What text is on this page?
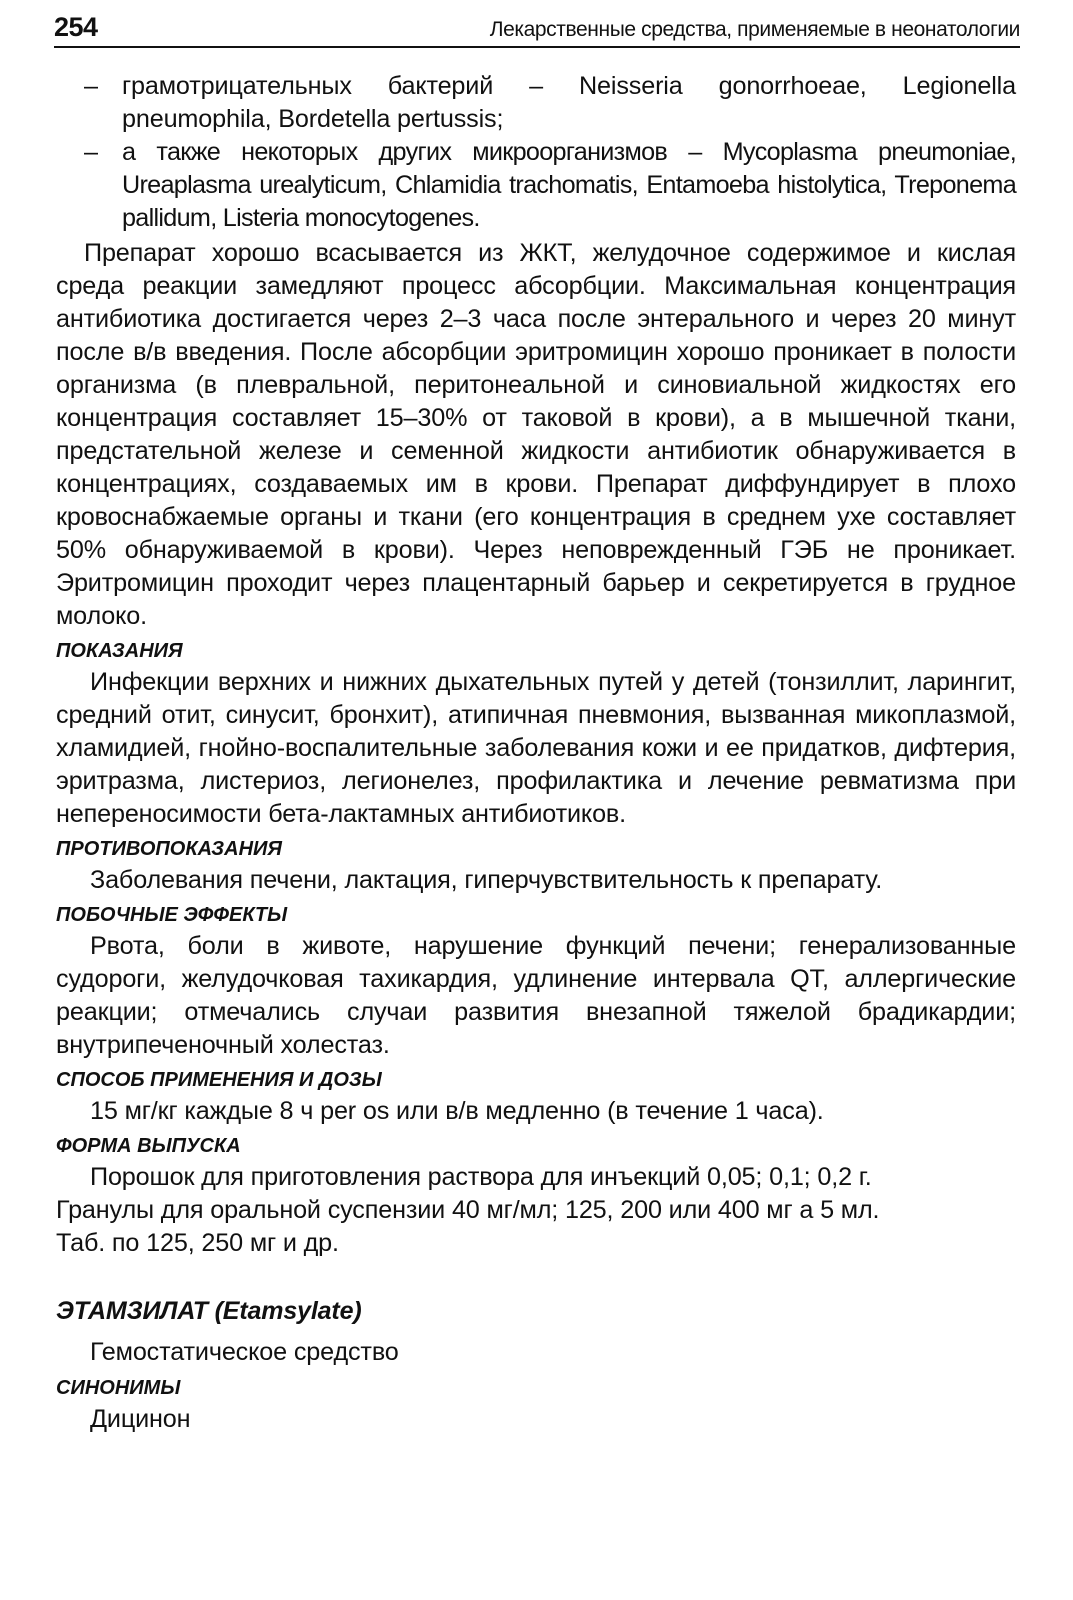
254	Лекарственные средства, применяемые в неонатологии
– грамотрицательных бактерий – Neisseria gonorrhoeae, Legionella pneumophila, Bordetella pertussis;
– а также некоторых других микроорганизмов – Mycoplasma pneumoniae, Ureaplasma urealyticum, Chlamidia trachomatis, Entamoeba histolytica, Treponema pallidum, Listeria monocytogenes.

Препарат хорошо всасывается из ЖКТ, желудочное содержимое и кислая среда реакции замедляют процесс абсорбции. Максимальная концентрация антибиотика достигается через 2–3 часа после энтерального и через 20 минут после в/в введения. После абсорбции эритромицин хорошо проникает в полости организма (в плевральной, перитонеальной и синовиальной жидкостях его концентрация составляет 15–30% от таковой в крови), а в мышечной ткани, предстательной железе и семенной жидкости антибиотик обнаруживается в концентрациях, создаваемых им в крови. Препарат диффундирует в плохо кровоснабжаемые органы и ткани (его концентрация в среднем ухе составляет 50% обнаруживаемой в крови). Через неповрежденный ГЭБ не проникает. Эритромицин проходит через плацентарный барьер и секретируется в грудное молоко.

ПОКАЗАНИЯ

Инфекции верхних и нижних дыхательных путей у детей (тонзиллит, ларингит, средний отит, синусит, бронхит), атипичная пневмония, вызванная микоплазмой, хламидией, гнойно-воспалительные заболевания кожи и ее придатков, дифтерия, эритразма, листериоз, легионелез, профилактика и лечение ревматизма при непереносимости бета-лактамных антибиотиков.

ПРОТИВОПОКАЗАНИЯ

Заболевания печени, лактация, гиперчувствительность к препарату.

ПОБОЧНЫЕ ЭФФЕКТЫ

Рвота, боли в животе, нарушение функций печени; генерализованные судороги, желудочковая тахикардия, удлинение интервала QT, аллергические реакции; отмечались случаи развития внезапной тяжелой брадикардии; внутрипеченочный холестаз.

СПОСОБ ПРИМЕНЕНИЯ И ДОЗЫ

15 мг/кг каждые 8 ч per os или в/в медленно (в течение 1 часа).

ФОРМА ВЫПУСКА
Порошок для приготовления раствора для инъекций 0,05; 0,1; 0,2 г.
Гранулы для оральной суспензии 40 мг/мл; 125, 200 или 400 мг а 5 мл.
Таб. по 125, 250 мг и др.
ЭТАМЗИЛАТ (Etamsylate)
Гемостатическое средство
СИНОНИМЫ
Дицинон
